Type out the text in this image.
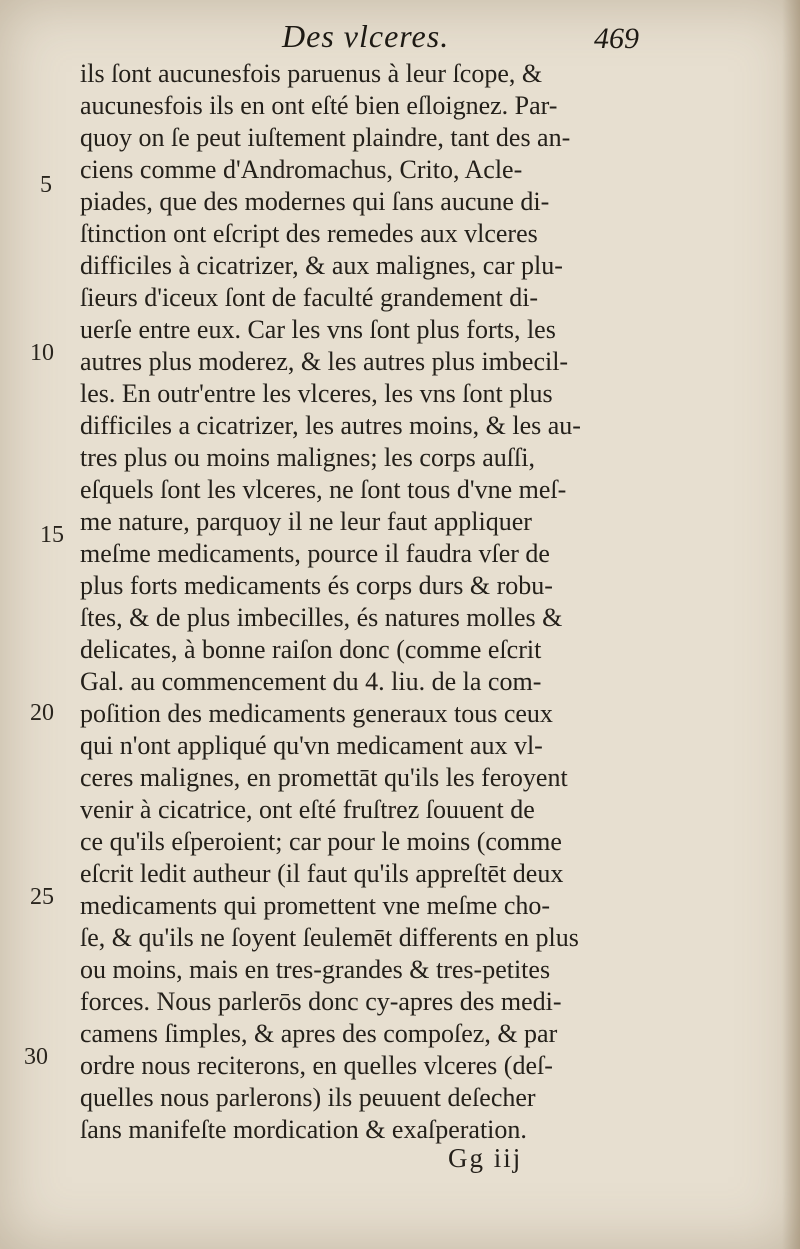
Des vlceres.	469
ils ſont aucunesfois paruenus à leur ſcope, &
aucunesfois ils en ont eſté bien eſloignez. Par-
quoy on ſe peut iuſtement plaindre, tant des an-
ciens comme d'Andromachus, Crito, Acle-
piades, que des modernes qui ſans aucune di-
ſtinction ont eſcript des remedes aux vlceres
difficiles à cicatrizer, & aux malignes, car plu-
ſieurs d'iceux ſont de faculté grandement di-
uerſe entre eux. Car les vns ſont plus forts, les
autres plus moderez, & les autres plus imbecil-
les. En outr'entre les vlceres, les vns ſont plus
difficiles a cicatrizer, les autres moins, & les au-
tres plus ou moins malignes; les corps auſſi,
eſquels ſont les vlceres, ne ſont tous d'vne meſ-
me nature, parquoy il ne leur faut appliquer
meſme medicaments, pource il faudra vſer de
plus forts medicaments és corps durs & robu-
ſtes, & de plus imbecilles, és natures molles &
delicates, à bonne raiſon donc (comme eſcrit
Gal. au commencement du 4. liu. de la com-
poſition des medicaments generaux tous ceux
qui n'ont appliqué qu'vn medicament aux vl-
ceres malignes, en promettāt qu'ils les feroyent
venir à cicatrice, ont eſté fruſtrez ſouuent de
ce qu'ils eſperoient; car pour le moins (comme
eſcrit ledit autheur (il faut qu'ils appreſtēt deux
medicaments qui promettent vne meſme cho-
ſe, & qu'ils ne ſoyent ſeulemēt differents en plus
ou moins, mais en tres-grandes & tres-petites
forces. Nous parlerōs donc cy-apres des medi-
camens ſimples, & apres des compoſez, & par
ordre nous reciterons, en quelles vlceres (deſ-
quelles nous parlerons) ils peuuent deſecher
ſans manifeſte mordication & exaſperation.
5
10
15
20
25
30
Gg iij
